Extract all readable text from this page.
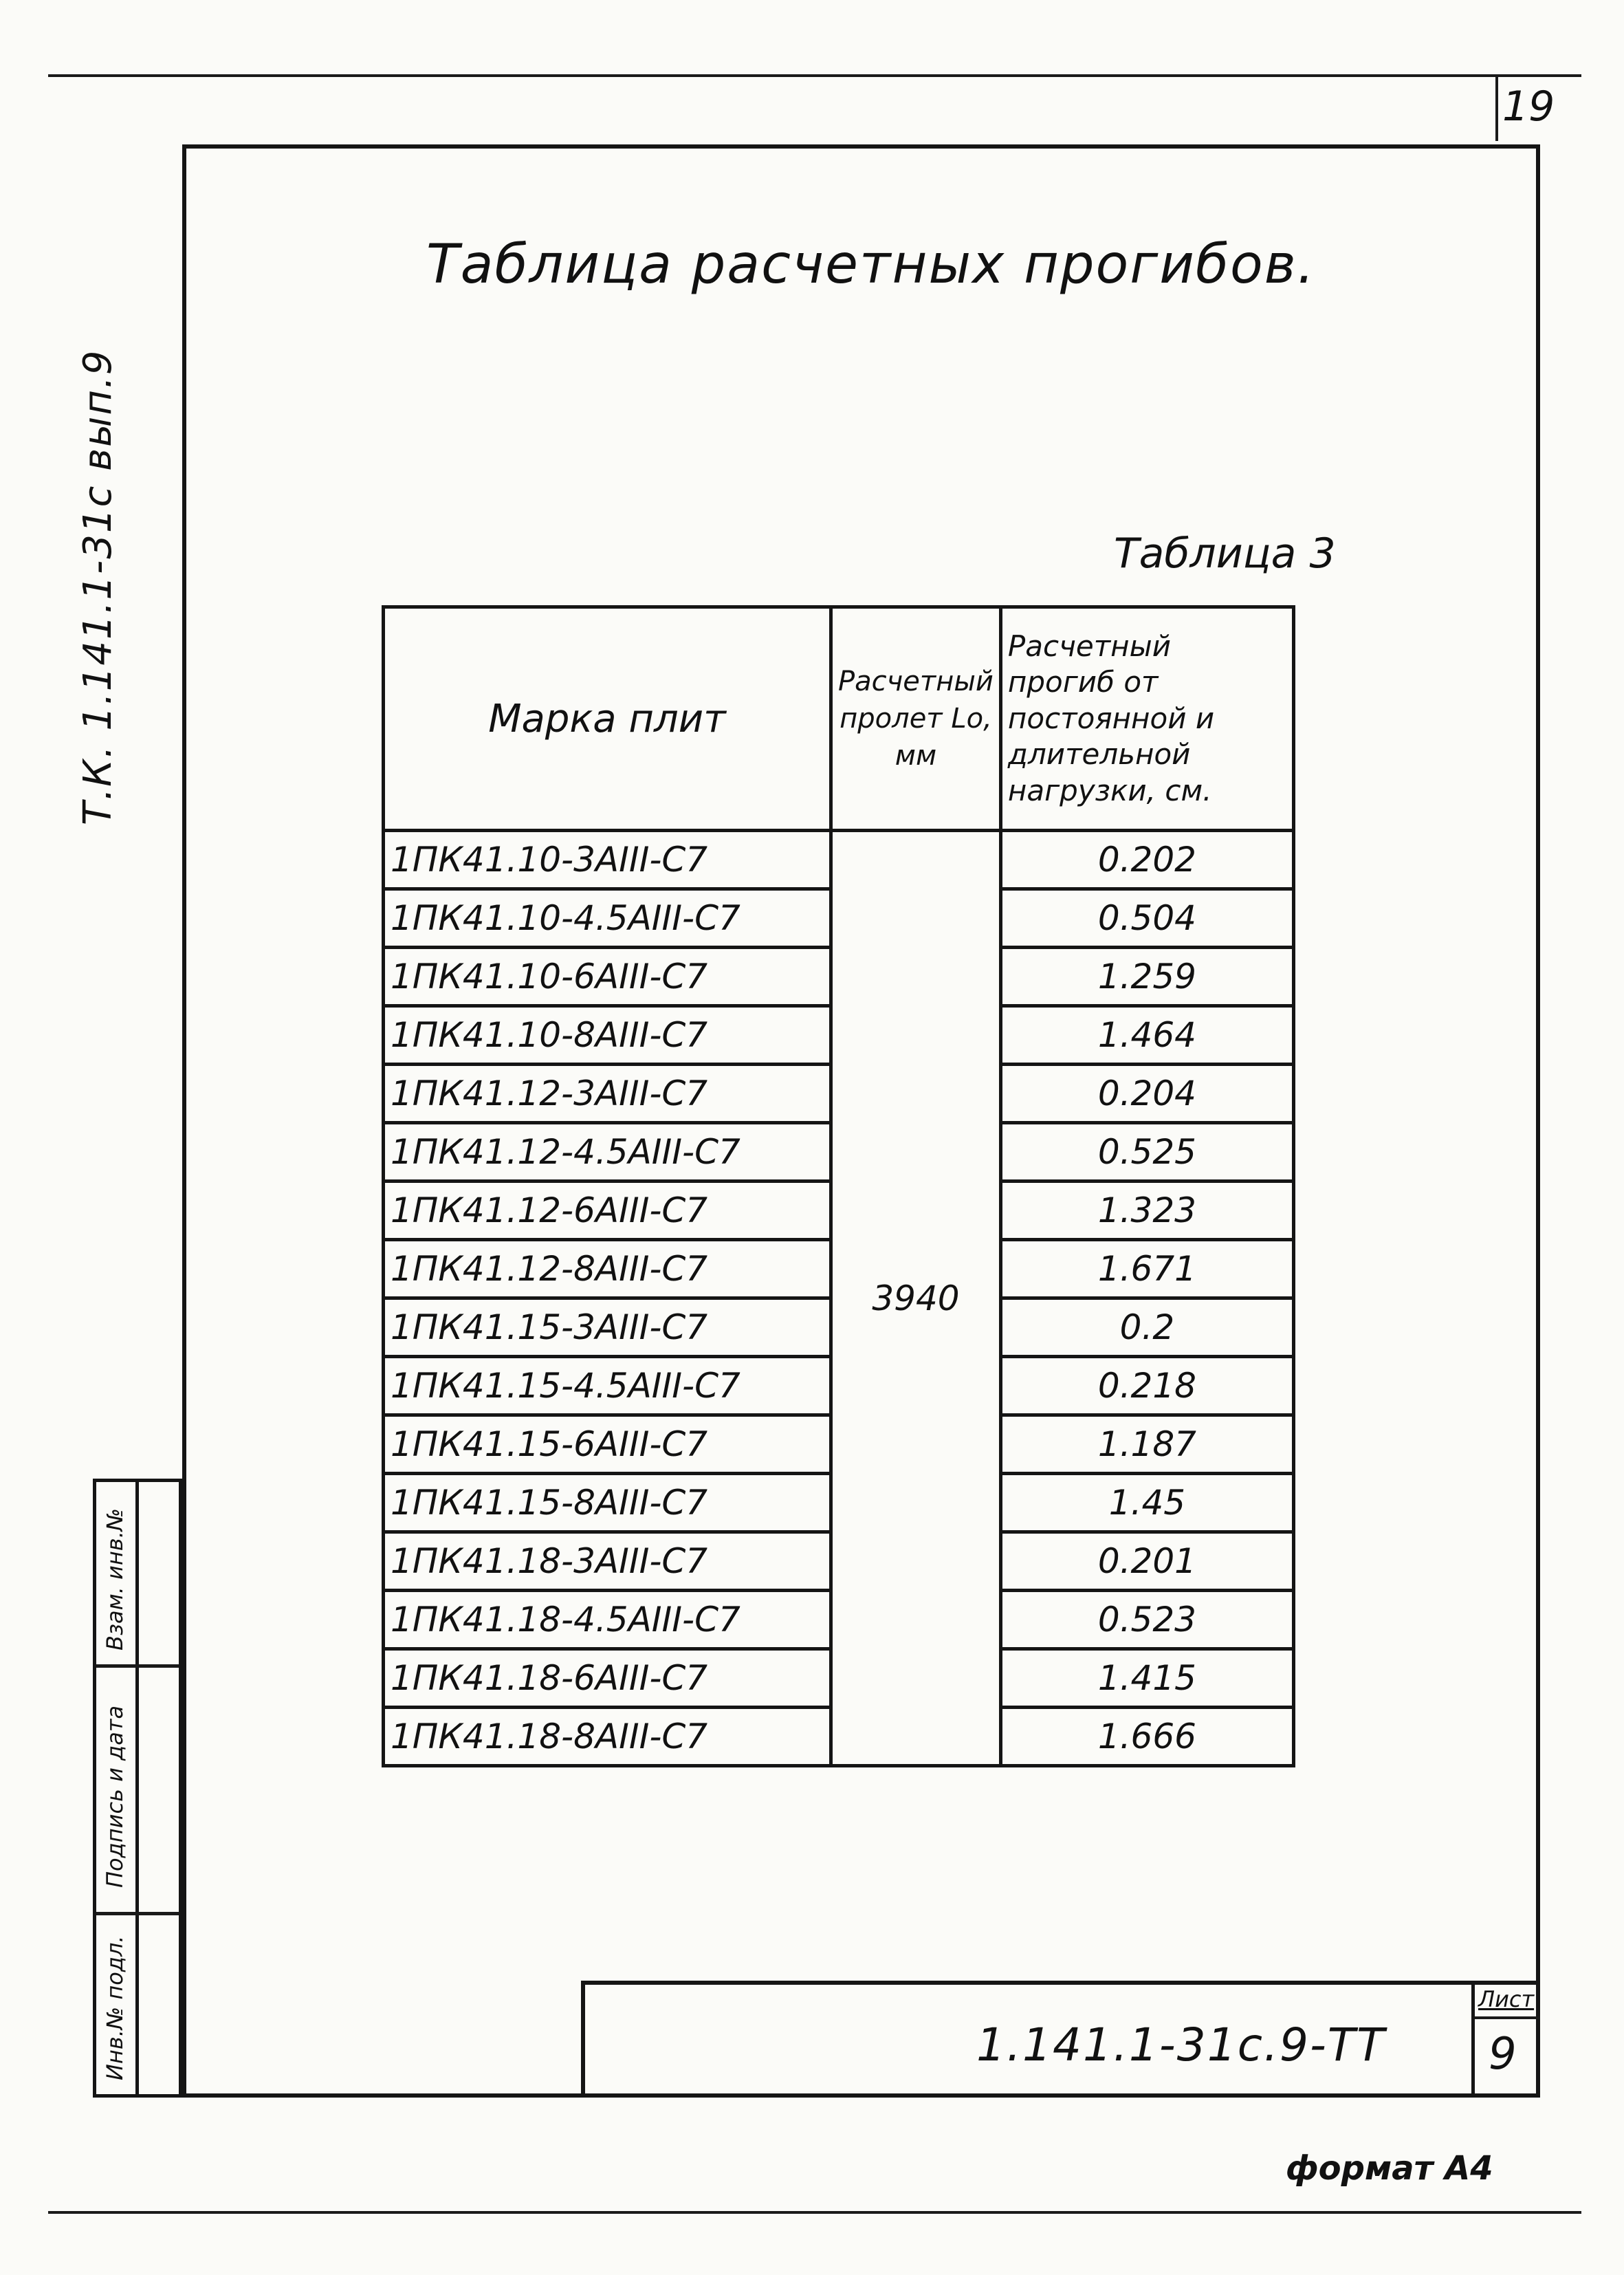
19
Т.К. 1.141.1-31с вып.9
Таблица расчетных прогибов.
Таблица 3
Марка плит	Расчетный пролет Lo, мм	Расчетный прогиб от постоянной и длительной нагрузки, см.
1ПК41.10-3АIII-С7	3940	0.202
1ПК41.10-4.5АIII-С7		0.504
1ПК41.10-6АIII-С7		1.259
1ПК41.10-8АIII-С7		1.464
1ПК41.12-3АIII-С7		0.204
1ПК41.12-4.5АIII-С7		0.525
1ПК41.12-6АIII-С7		1.323
1ПК41.12-8АIII-С7		1.671
1ПК41.15-3АIII-С7		0.2
1ПК41.15-4.5АIII-С7		0.218
1ПК41.15-6АIII-С7		1.187
1ПК41.15-8АIII-С7		1.45
1ПК41.18-3АIII-С7		0.201
1ПК41.18-4.5АIII-С7		0.523
1ПК41.18-6АIII-С7		1.415
1ПК41.18-8АIII-С7		1.666
Взам. инв.№
Подпись и дата
Инв.№ подл.	1.141.1-31с.9-ТТ
Лист
9
формат А4
